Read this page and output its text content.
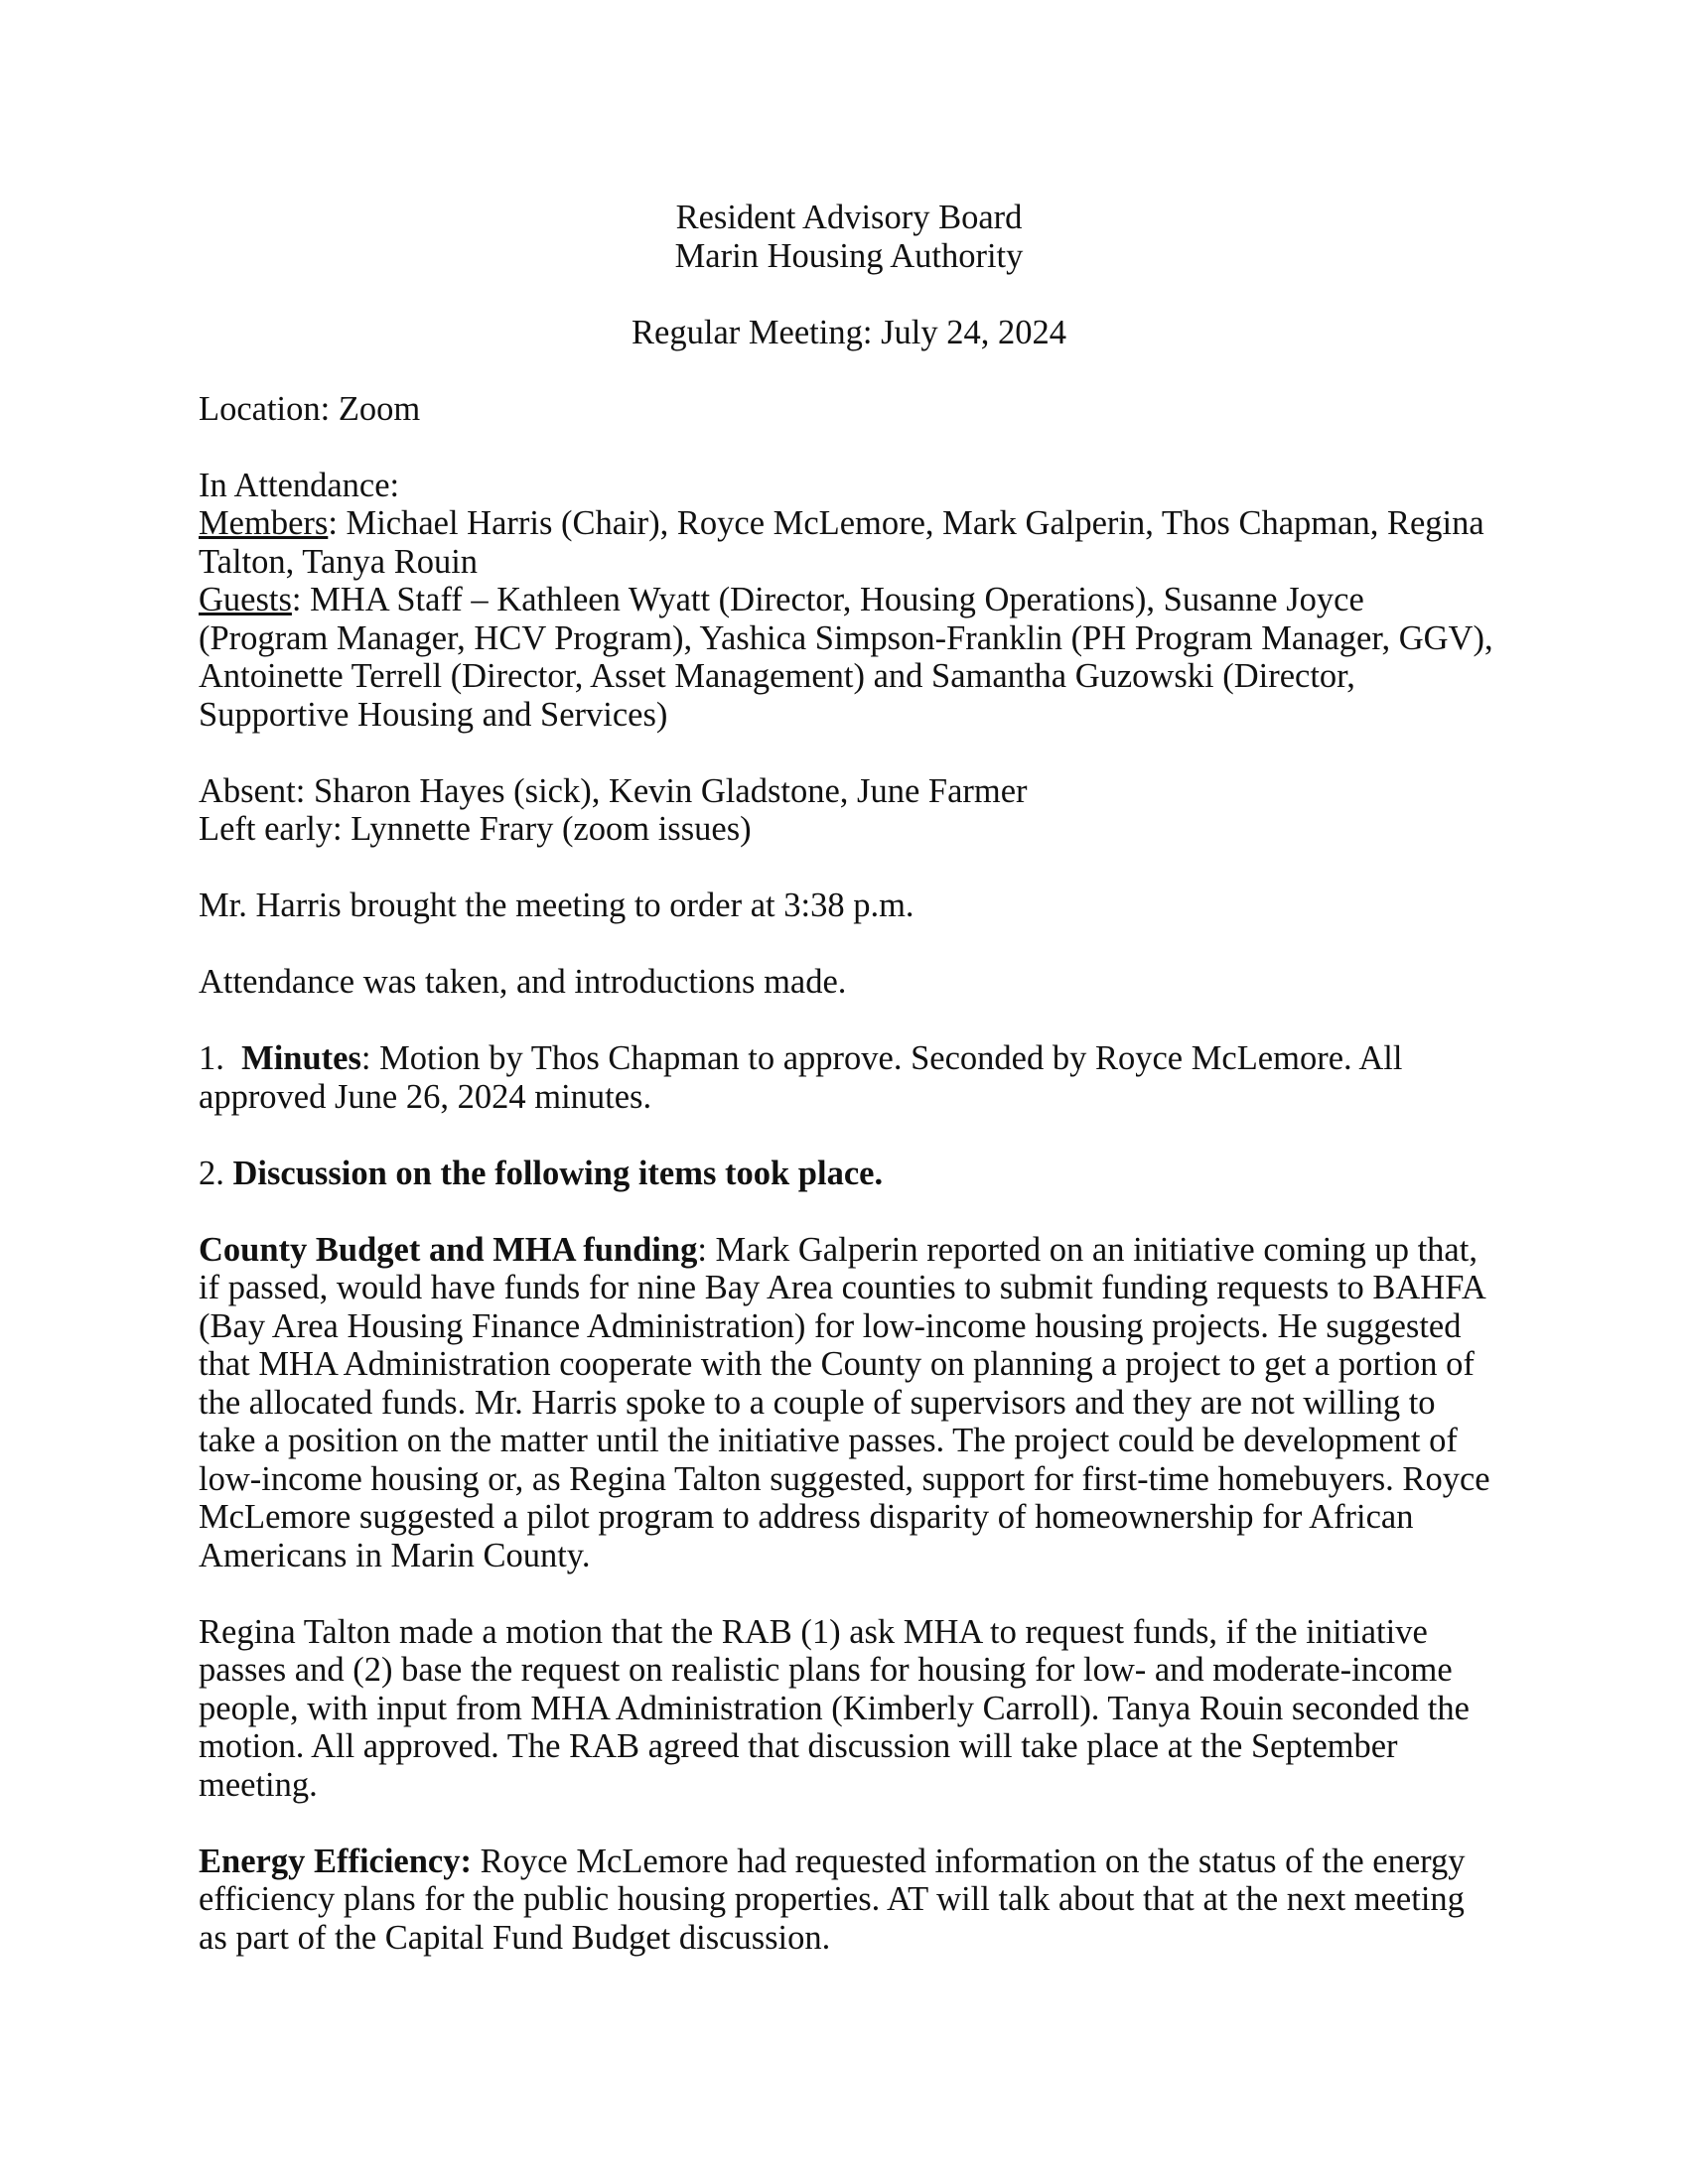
Resident Advisory Board

Marin Housing Authority

Regular Meeting: July 24, 2024

Location: Zoom

In Attendance:

Members: Michael Harris (Chair), Royce McLemore, Mark Galperin, Thos Chapman, Regina Talton, Tanya Rouin

Guests: MHA Staff – Kathleen Wyatt (Director, Housing Operations), Susanne Joyce (Program Manager, HCV Program), Yashica Simpson-Franklin (PH Program Manager, GGV), Antoinette Terrell (Director, Asset Management) and Samantha Guzowski (Director, Supportive Housing and Services)

Absent: Sharon Hayes (sick), Kevin Gladstone, June Farmer

Left early: Lynnette Frary (zoom issues)

Mr. Harris brought the meeting to order at 3:38 p.m.

Attendance was taken, and introductions made.

1.  Minutes: Motion by Thos Chapman to approve. Seconded by Royce McLemore. All approved June 26, 2024 minutes.

2. Discussion on the following items took place.

County Budget and MHA funding: Mark Galperin reported on an initiative coming up that, if passed, would have funds for nine Bay Area counties to submit funding requests to BAHFA (Bay Area Housing Finance Administration) for low-income housing projects. He suggested that MHA Administration cooperate with the County on planning a project to get a portion of the allocated funds. Mr. Harris spoke to a couple of supervisors and they are not willing to take a position on the matter until the initiative passes. The project could be development of low-income housing or, as Regina Talton suggested, support for first-time homebuyers. Royce McLemore suggested a pilot program to address disparity of homeownership for African Americans in Marin County.

Regina Talton made a motion that the RAB (1) ask MHA to request funds, if the initiative passes and (2) base the request on realistic plans for housing for low- and moderate-income people, with input from MHA Administration (Kimberly Carroll). Tanya Rouin seconded the motion. All approved. The RAB agreed that discussion will take place at the September meeting.

Energy Efficiency: Royce McLemore had requested information on the status of the energy efficiency plans for the public housing properties. AT will talk about that at the next meeting as part of the Capital Fund Budget discussion.
